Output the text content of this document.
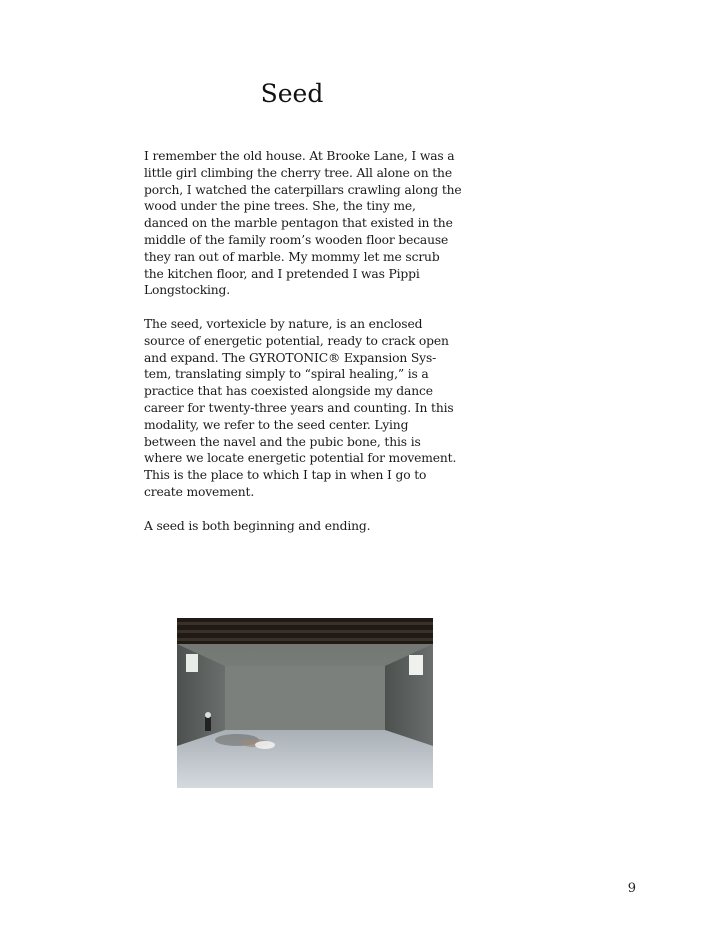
Seed

I remember the old house. At Brooke Lane, I was a little girl climbing the cherry tree. All alone on the porch, I watched the caterpillars crawling along the wood under the pine trees. She, the tiny me, danced on the marble pentagon that existed in the middle of the family room’s wooden floor because they ran out of marble. My mommy let me scrub the kitchen floor, and I pretended I was Pippi Longstocking.

The seed, vortexicle by nature, is an enclosed source of energetic potential, ready to crack open and expand. The GYROTONIC® Expansion Sys-tem, translating simply to “spiral healing,” is a practice that has coexisted alongside my dance career for twenty-three years and counting. In this modality, we refer to the seed center. Lying between the navel and the pubic bone, this is where we locate energetic potential for movement. This is the place to which I tap in when I go to create movement.

A seed is both beginning and ending.

9
